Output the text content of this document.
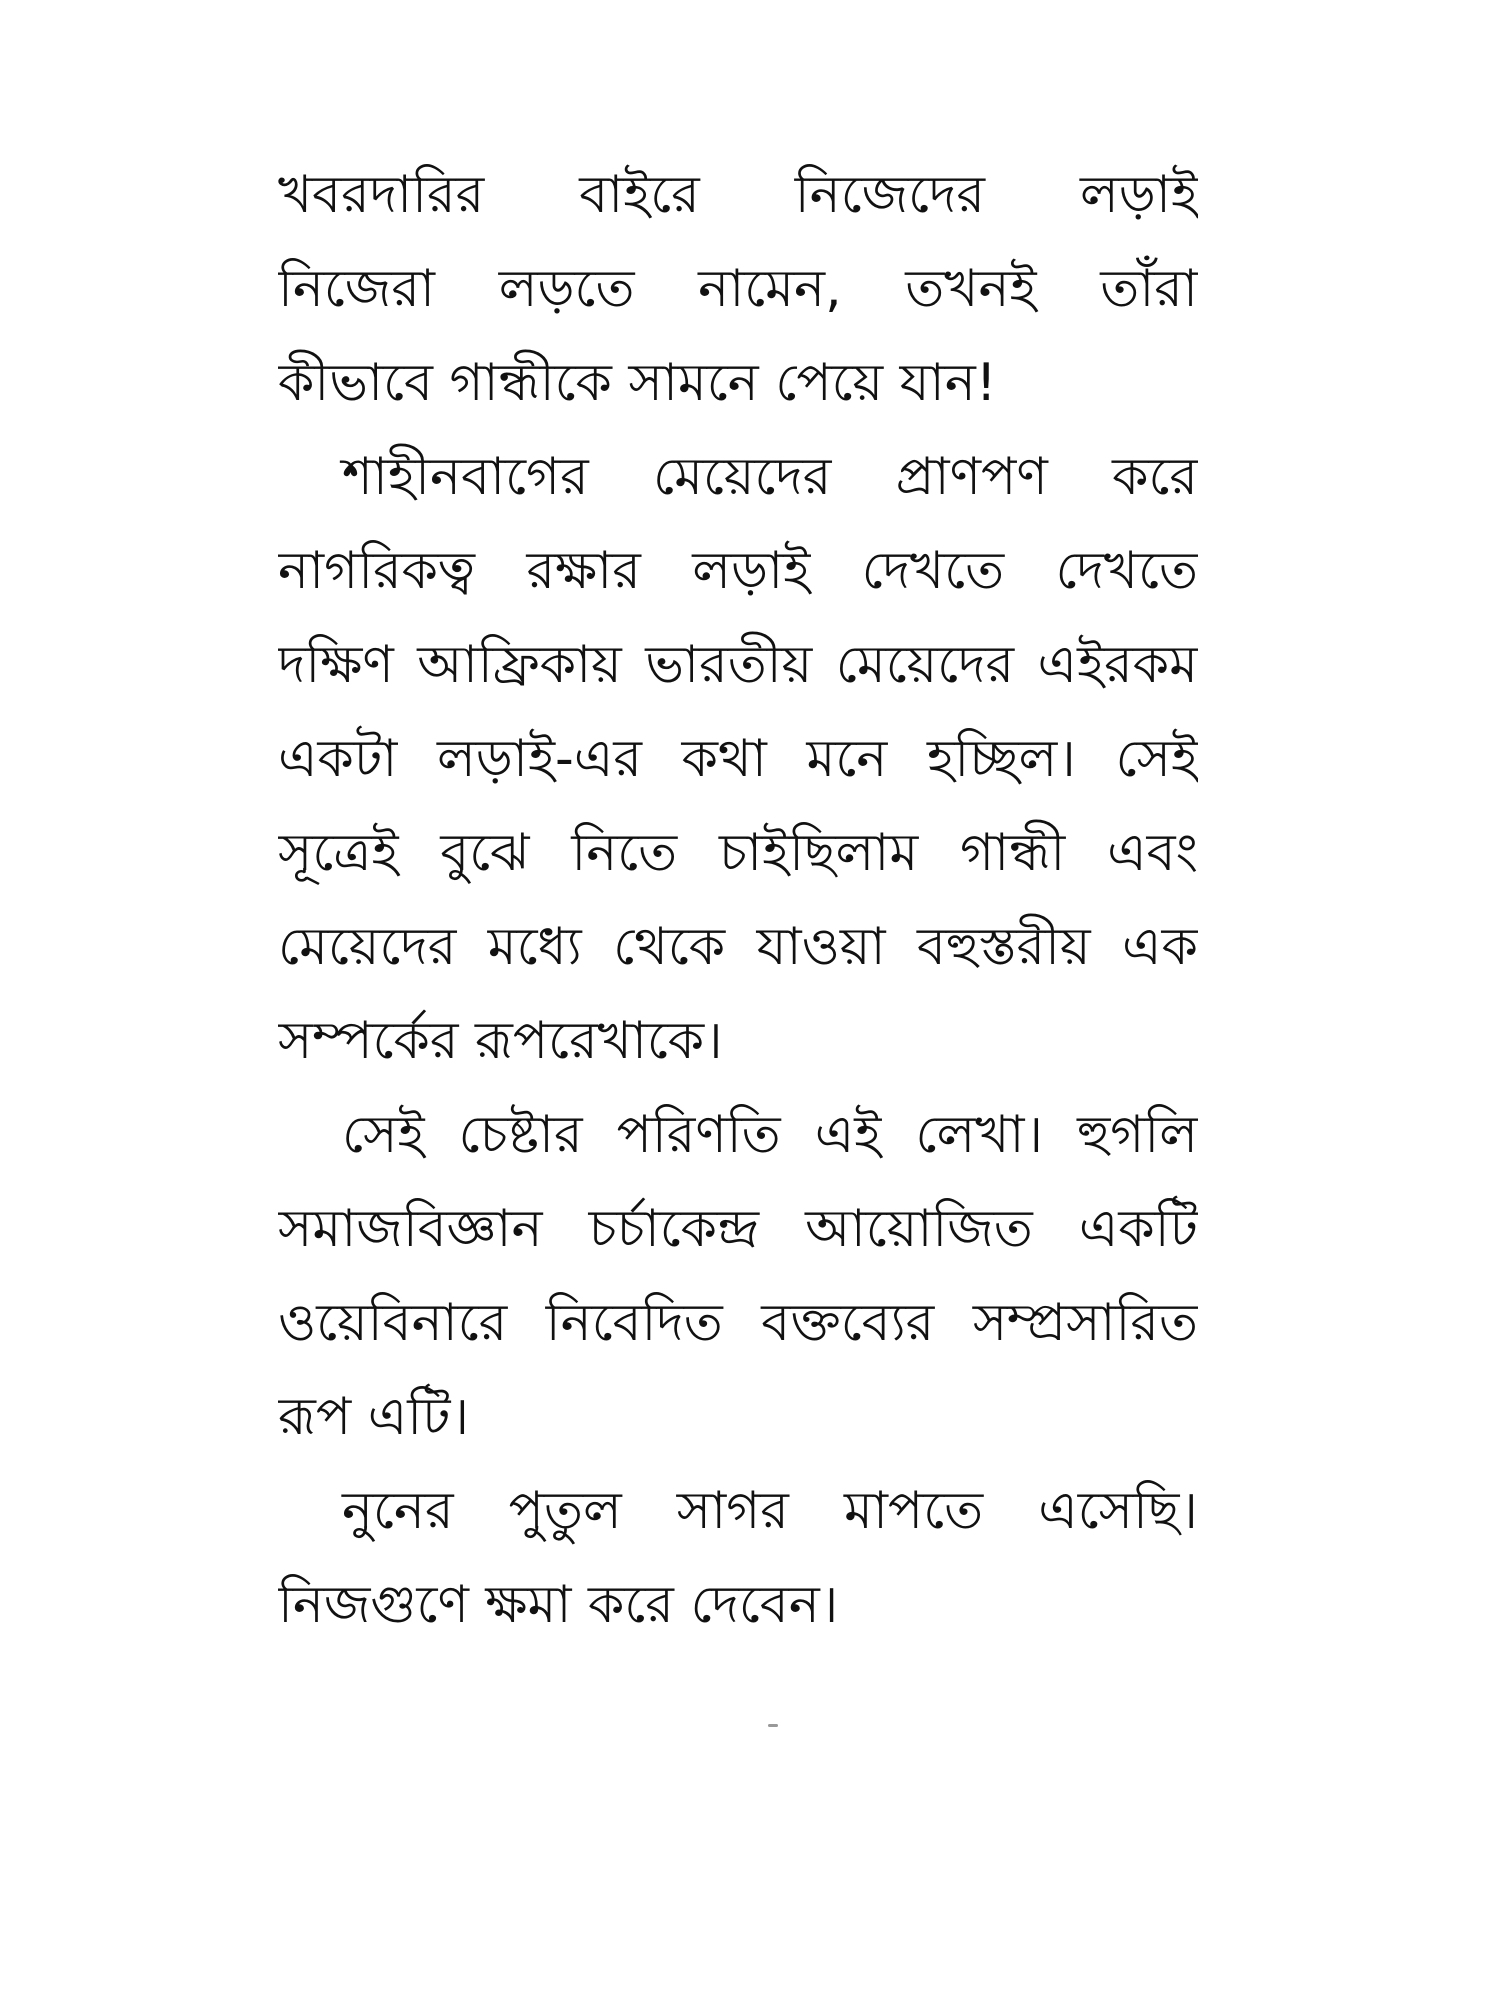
খবরদারির বাইরে নিজেদের লড়াই
নিজেরা লড়তে নামেন, তখনই তাঁরা
কীভাবে গান্ধীকে সামনে পেয়ে যান!
শাহীনবাগের মেয়েদের প্রাণপণ করে
নাগরিকত্ব রক্ষার লড়াই দেখতে দেখতে
দক্ষিণ আফ্রিকায় ভারতীয় মেয়েদের এইরকম
একটা লড়াই-এর কথা মনে হচ্ছিল। সেই
সূত্রেই বুঝে নিতে চাইছিলাম গান্ধী এবং
মেয়েদের মধ্যে থেকে যাওয়া বহুস্তরীয় এক
সম্পর্কের রূপরেখাকে।
সেই চেষ্টার পরিণতি এই লেখা। হুগলি
সমাজবিজ্ঞান চর্চাকেন্দ্র আয়োজিত একটি
ওয়েবিনারে নিবেদিত বক্তব্যের সম্প্রসারিত
রূপ এটি।
নুনের পুতুল সাগর মাপতে এসেছি।
নিজগুণে ক্ষমা করে দেবেন।
